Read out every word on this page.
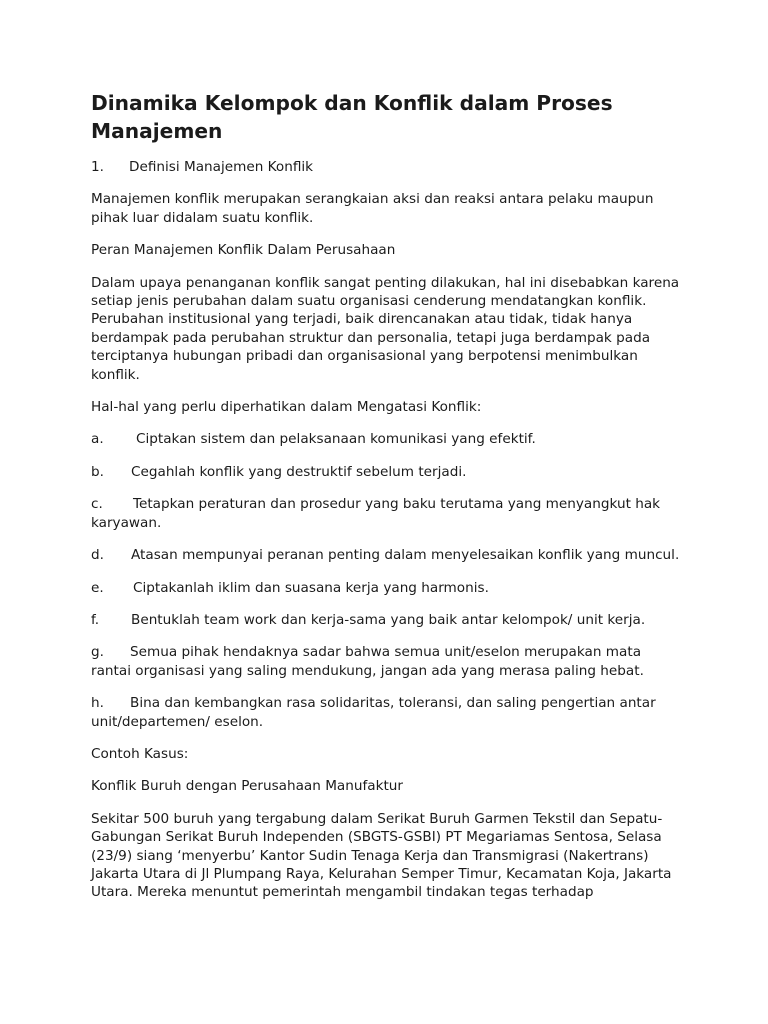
Dinamika Kelompok dan Konflik dalam Proses Manajemen
1. Definisi Manajemen Konflik
Manajemen konflik merupakan serangkaian aksi dan reaksi antara pelaku maupun pihak luar didalam suatu konflik.
Peran Manajemen Konflik Dalam Perusahaan
Dalam upaya penanganan konflik sangat penting dilakukan, hal ini disebabkan karena setiap jenis perubahan dalam suatu organisasi cenderung mendatangkan konflik. Perubahan institusional yang terjadi, baik direncanakan atau tidak, tidak hanya berdampak pada perubahan struktur dan personalia, tetapi juga berdampak pada terciptanya hubungan pribadi dan organisasional yang berpotensi menimbulkan konflik.
Hal-hal yang perlu diperhatikan dalam Mengatasi Konflik:
a. Ciptakan sistem dan pelaksanaan komunikasi yang efektif.
b. Cegahlah konflik yang destruktif sebelum terjadi.
c. Tetapkan peraturan dan prosedur yang baku terutama yang menyangkut hak karyawan.
d. Atasan mempunyai peranan penting dalam menyelesaikan konflik yang muncul.
e. Ciptakanlah iklim dan suasana kerja yang harmonis.
f. Bentuklah team work dan kerja-sama yang baik antar kelompok/ unit kerja.
g. Semua pihak hendaknya sadar bahwa semua unit/eselon merupakan mata rantai organisasi yang saling mendukung, jangan ada yang merasa paling hebat.
h. Bina dan kembangkan rasa solidaritas, toleransi, dan saling pengertian antar unit/departemen/ eselon.
Contoh Kasus:
Konflik Buruh dengan Perusahaan Manufaktur
Sekitar 500 buruh yang tergabung dalam Serikat Buruh Garmen Tekstil dan Sepatu-Gabungan Serikat Buruh Independen (SBGTS-GSBI) PT Megariamas Sentosa, Selasa (23/9) siang ‘menyerbu’ Kantor Sudin Tenaga Kerja dan Transmigrasi (Nakertrans) Jakarta Utara di Jl Plumpang Raya, Kelurahan Semper Timur, Kecamatan Koja, Jakarta Utara. Mereka menuntut pemerintah mengambil tindakan tegas terhadap
